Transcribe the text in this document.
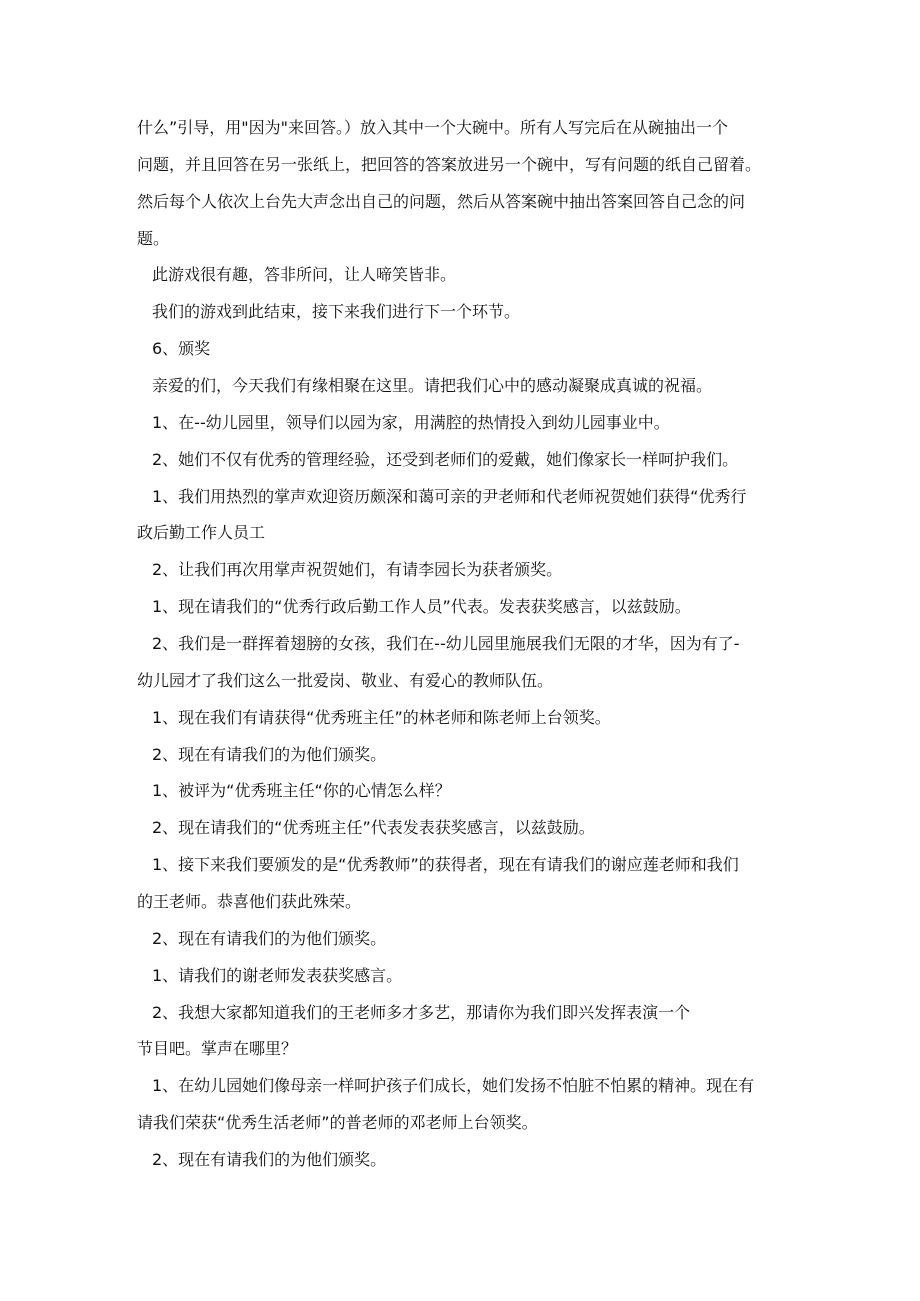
什么”引导，用"因为"来回答。）放入其中一个大碗中。所有人写完后在从碗抽出一个
问题，并且回答在另一张纸上，把回答的答案放进另一个碗中，写有问题的纸自己留着。
然后每个人依次上台先大声念出自己的问题，然后从答案碗中抽出答案回答自己念的问
题。
此游戏很有趣，答非所问，让人啼笑皆非。
我们的游戏到此结束，接下来我们进行下一个环节。
6、颁奖
亲爱的们，今天我们有缘相聚在这里。请把我们心中的感动凝聚成真诚的祝福。
1、在--幼儿园里，领导们以园为家，用满腔的热情投入到幼儿园事业中。
2、她们不仅有优秀的管理经验，还受到老师们的爱戴，她们像家长一样呵护我们。
1、我们用热烈的掌声欢迎资历颇深和蔼可亲的尹老师和代老师祝贺她们获得“优秀行
政后勤工作人员工
2、让我们再次用掌声祝贺她们，有请李园长为获者颁奖。
1、现在请我们的“优秀行政后勤工作人员”代表。发表获奖感言，以兹鼓励。
2、我们是一群挥着翅膀的女孩，我们在--幼儿园里施展我们无限的才华，因为有了-
幼儿园才了我们这么一批爱岗、敬业、有爱心的教师队伍。
1、现在我们有请获得“优秀班主任”的林老师和陈老师上台领奖。
2、现在有请我们的为他们颁奖。
1、被评为“优秀班主任“你的心情怎么样？
2、现在请我们的“优秀班主任”代表发表获奖感言，以兹鼓励。
1、接下来我们要颁发的是“优秀教师”的获得者，现在有请我们的谢应莲老师和我们
的王老师。恭喜他们获此殊荣。
2、现在有请我们的为他们颁奖。
1、请我们的谢老师发表获奖感言。
2、我想大家都知道我们的王老师多才多艺，那请你为我们即兴发挥表演一个
节目吧。掌声在哪里？
1、在幼儿园她们像母亲一样呵护孩子们成长，她们发扬不怕脏不怕累的精神。现在有
请我们荣获“优秀生活老师”的普老师的邓老师上台领奖。
2、现在有请我们的为他们颁奖。
